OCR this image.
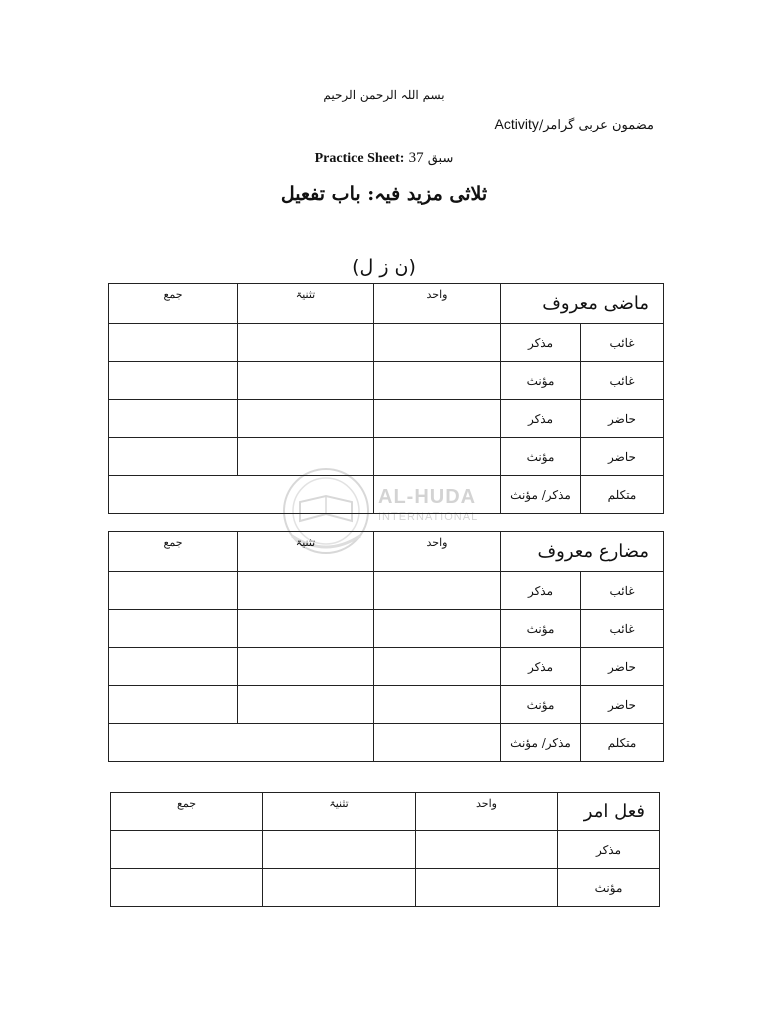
بسم اللہ الرحمن الرحیم
Activityمضمون عربی گرامر/
Practice Sheet: 37 سبق
ثلاثی مزید فیہ: باب تفعیل
(ن ز ل)
AL-HUDA
INTERNATIONAL
جمع	تثنیۃ	واحد	ماضی معروف	
			مذکر	غائب
			مؤنث	غائب
			مذکر	حاضر
			مؤنث	حاضر
			مذکر/ مؤنث	متکلم
جمع	تثنیۃ	واحد	مضارع معروف	
			مذکر	غائب
			مؤنث	غائب
			مذکر	حاضر
			مؤنث	حاضر
			مذکر/ مؤنث	متکلم
جمع	تثنیۃ	واحد	فعل امر
			مذکر
			مؤنث
